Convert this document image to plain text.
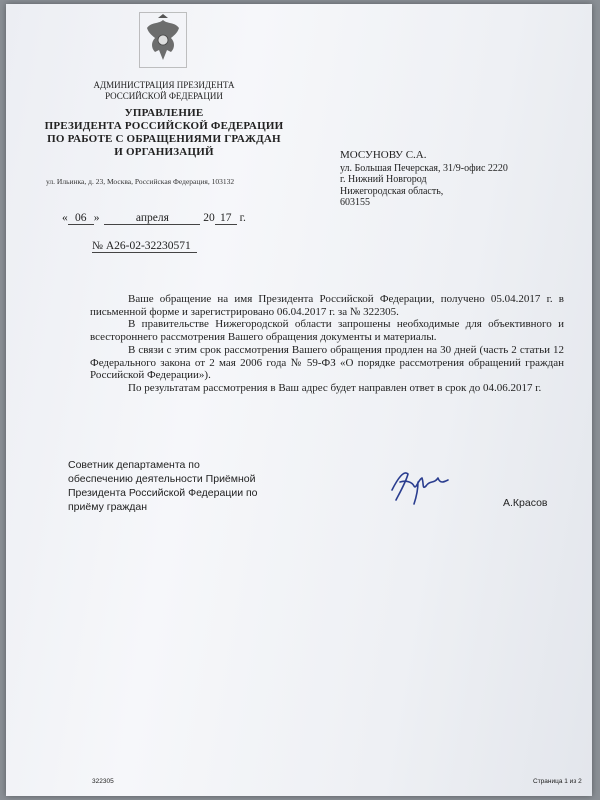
АДМИНИСТРАЦИЯ ПРЕЗИДЕНТА
РОССИЙСКОЙ ФЕДЕРАЦИИ
УПРАВЛЕНИЕ
ПРЕЗИДЕНТА РОССИЙСКОЙ ФЕДЕРАЦИИ
ПО РАБОТЕ С ОБРАЩЕНИЯМИ ГРАЖДАН
И ОРГАНИЗАЦИЙ
ул. Ильинка, д. 23, Москва, Российская Федерация, 103132
МОСУНОВУ С.А.
ул. Большая Печерская, 31/9-офис 2220
г. Нижний Новгород
Нижегородская область,
603155
« 06 »	апреля	20 17 г.
№ А26-02-32230571

Ваше обращение на имя Президента Российской Федерации, получено 05.04.2017 г. в письменной форме и зарегистрировано 06.04.2017 г. за № 322305.

В правительстве Нижегородской области запрошены необходимые для объективного и всестороннего рассмотрения Вашего обращения документы и материалы.

В связи с этим срок рассмотрения Вашего обращения продлен на 30 дней (часть 2 статьи 12 Федерального закона от 2 мая 2006 года № 59-ФЗ «О порядке рассмотрения обращений граждан Российской Федерации»).

По результатам рассмотрения в Ваш адрес будет направлен ответ в срок до 04.06.2017 г.

Советник департамента по
обеспечению деятельности Приёмной
Президента Российской Федерации по
приёму граждан	А.Красов
322305	Страница 1 из 2
